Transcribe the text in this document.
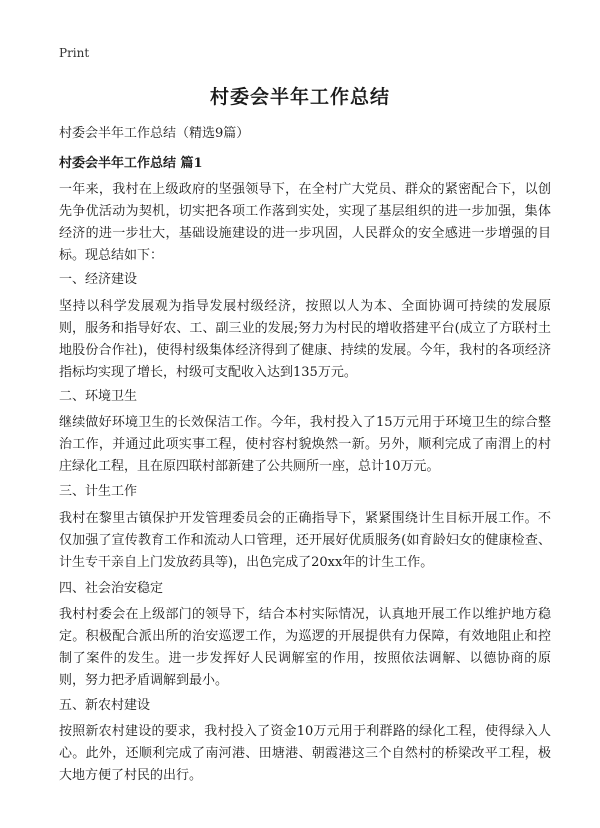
Print
村委会半年工作总结
村委会半年工作总结（精选9篇）
村委会半年工作总结 篇1

一年来，我村在上级政府的坚强领导下，在全村广大党员、群众的紧密配合下，以创先争优活动为契机，切实把各项工作落到实处，实现了基层组织的进一步加强，集体经济的进一步壮大，基础设施建设的进一步巩固，人民群众的安全感进一步增强的目标。现总结如下：

一、经济建设

坚持以科学发展观为指导发展村级经济，按照以人为本、全面协调可持续的发展原则，服务和指导好农、工、副三业的发展;努力为村民的增收搭建平台(成立了方联村土地股份合作社)，使得村级集体经济得到了健康、持续的发展。今年，我村的各项经济指标均实现了增长，村级可支配收入达到135万元。

二、环境卫生

继续做好环境卫生的长效保洁工作。今年，我村投入了15万元用于环境卫生的综合整治工作，并通过此项实事工程，使村容村貌焕然一新。另外，顺利完成了南渭上的村庄绿化工程，且在原四联村部新建了公共厕所一座，总计10万元。

三、计生工作

我村在黎里古镇保护开发管理委员会的正确指导下，紧紧围绕计生目标开展工作。不仅加强了宣传教育工作和流动人口管理，还开展好优质服务(如育龄妇女的健康检查、计生专干亲自上门发放药具等)，出色完成了20xx年的计生工作。

四、社会治安稳定

我村村委会在上级部门的领导下，结合本村实际情况，认真地开展工作以维护地方稳定。积极配合派出所的治安巡逻工作，为巡逻的开展提供有力保障，有效地阻止和控制了案件的发生。进一步发挥好人民调解室的作用，按照依法调解、以德协商的原则，努力把矛盾调解到最小。

五、新农村建设

按照新农村建设的要求，我村投入了资金10万元用于利群路的绿化工程，使得绿入人心。此外，还顺利完成了南河港、田塘港、朝霞港这三个自然村的桥梁改平工程，极大地方便了村民的出行。
